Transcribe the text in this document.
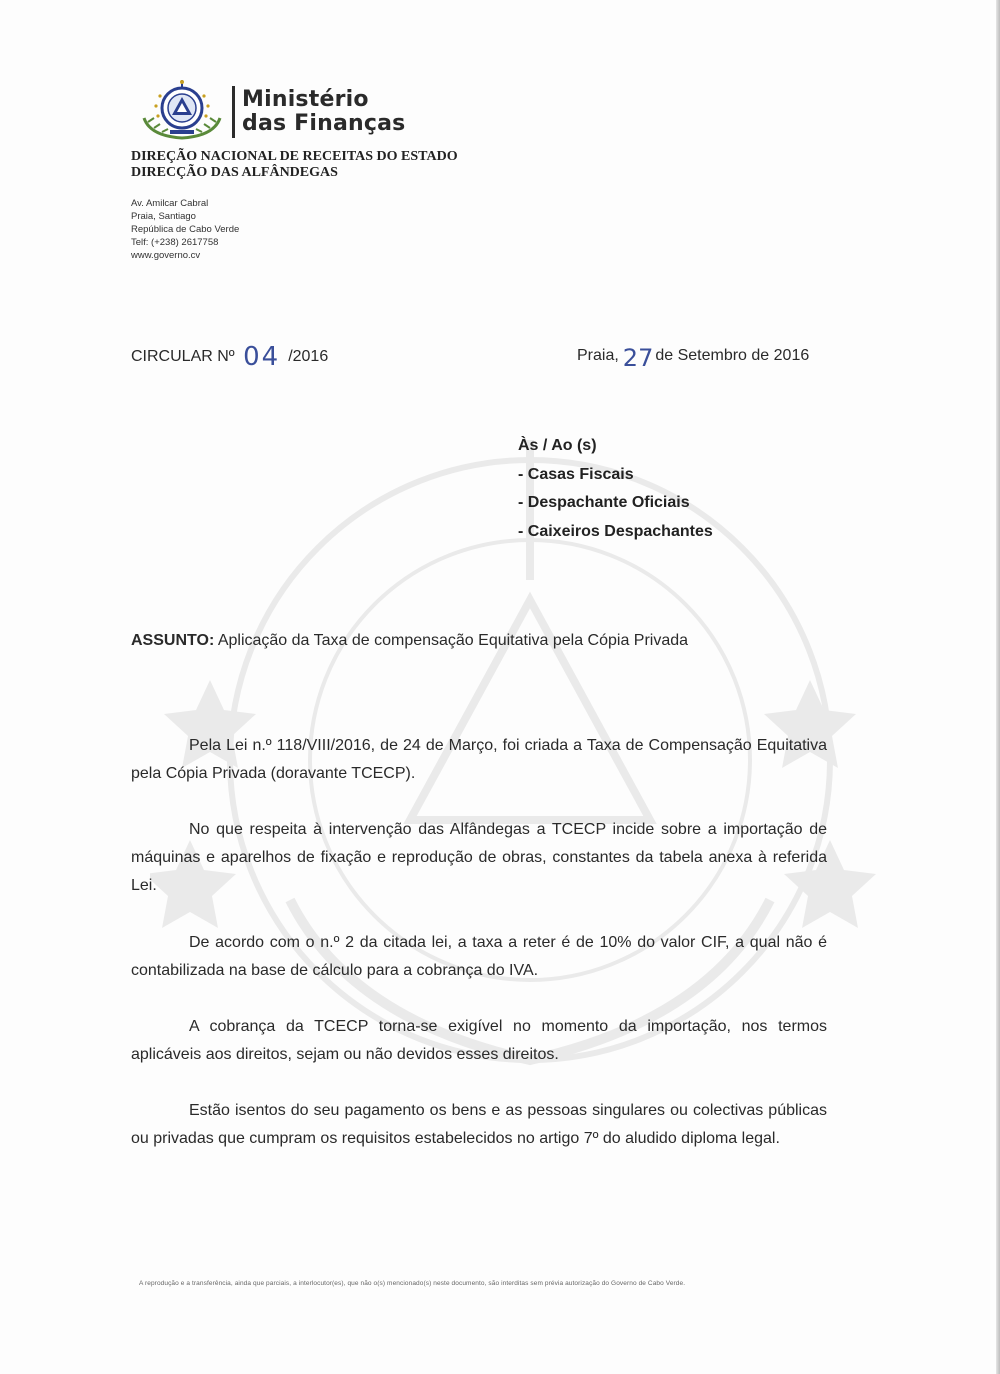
Ministério
das Finanças
DIREÇÃO NACIONAL DE RECEITAS DO ESTADO
DIRECÇÃO DAS ALFÂNDEGAS
Av. Amilcar Cabral
Praia, Santiago
República de Cabo Verde
Telf: (+238) 2617758
www.governo.cv
CIRCULAR Nº 04 /2016	Praia, 27 de Setembro de 2016
Às / Ao (s)
- Casas Fiscais
- Despachante Oficiais
- Caixeiros Despachantes
ASSUNTO: Aplicação da Taxa de compensação Equitativa pela Cópia Privada
Pela Lei n.º 118/VIII/2016, de 24 de Março, foi criada a Taxa de Compensação Equitativa pela Cópia Privada (doravante TCECP).
No que respeita à intervenção das Alfândegas a TCECP incide sobre a importação de máquinas e aparelhos de fixação e reprodução de obras, constantes da tabela anexa à referida Lei.
De acordo com o n.º 2 da citada lei, a taxa a reter é de 10% do valor CIF, a qual não é contabilizada na base de cálculo para a cobrança do IVA.
A cobrança da TCECP torna-se exigível no momento da importação, nos termos aplicáveis aos direitos, sejam ou não devidos esses direitos.
Estão isentos do seu pagamento os bens e as pessoas singulares ou colectivas públicas ou privadas que cumpram os requisitos estabelecidos no artigo 7º do aludido diploma legal.
A reprodução e a transferência, ainda que parciais, a interlocutor(es), que não o(s) mencionado(s) neste documento, são interditas sem prévia autorização do Governo de Cabo Verde.
